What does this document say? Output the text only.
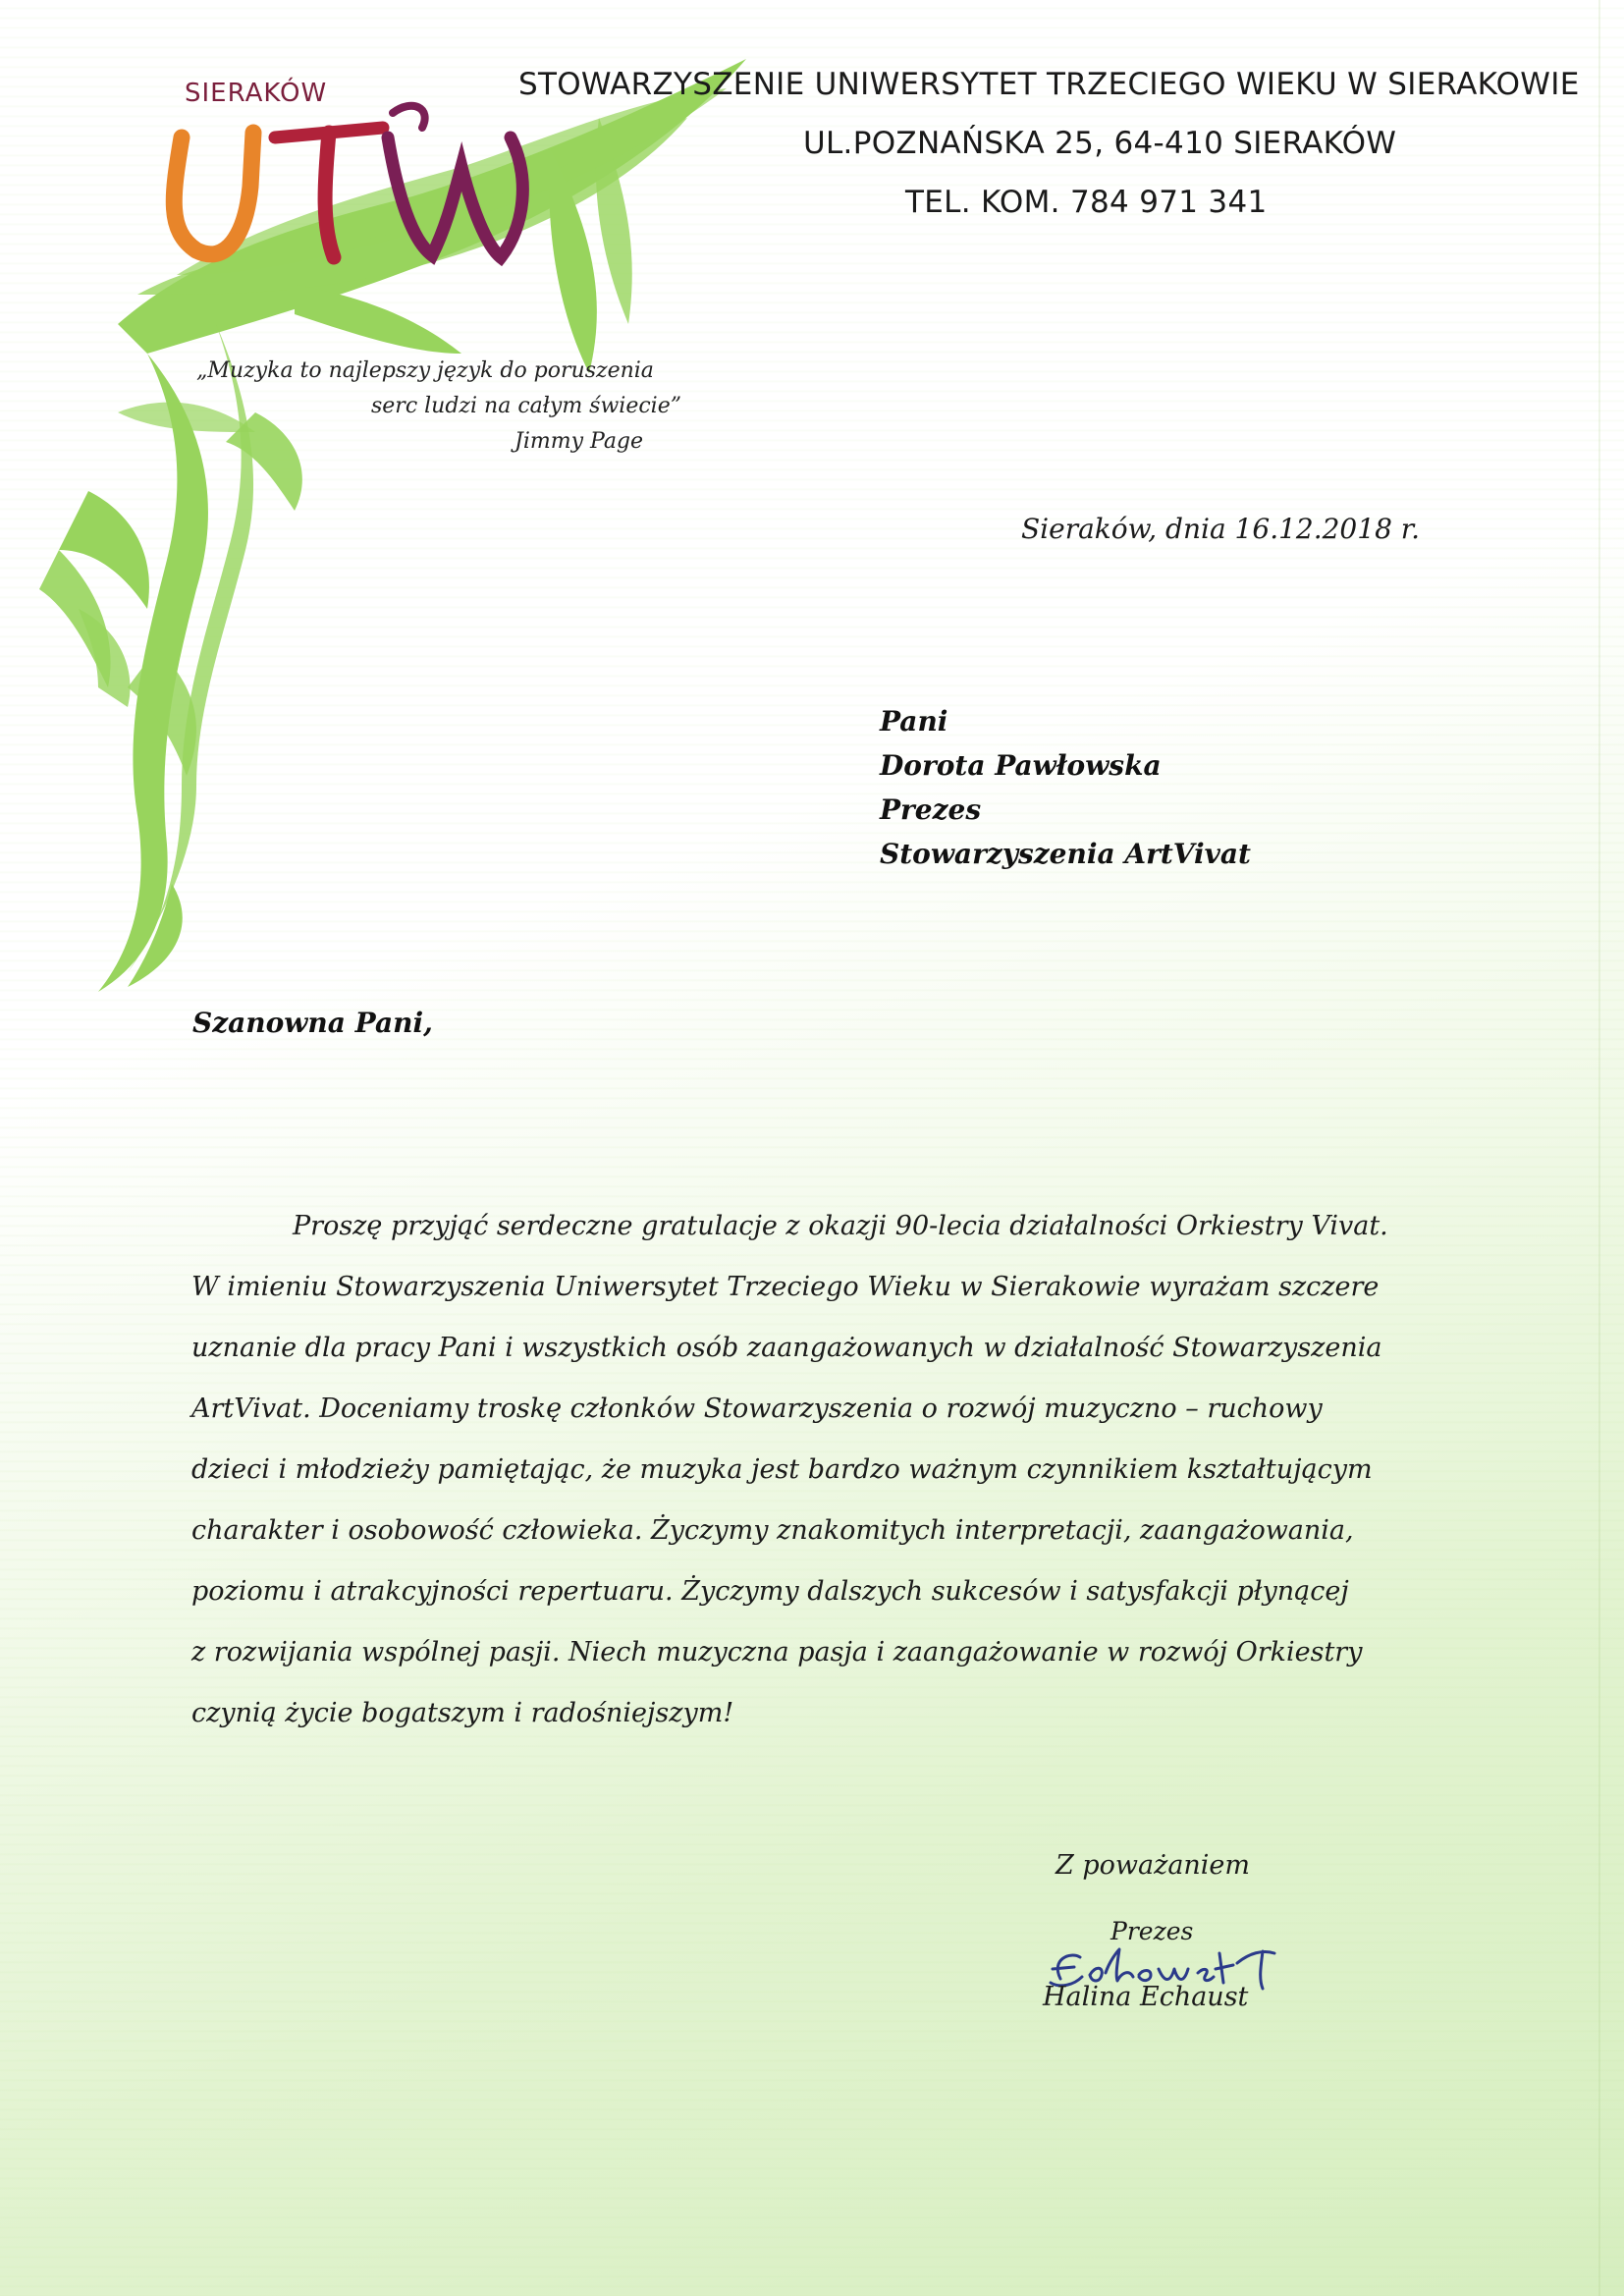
SIERAKÓW	STOWARZYSZENIE UNIWERSYTET TRZECIEGO WIEKU W SIERAKOWIE
UL.POZNAŃSKA 25, 64-410 SIERAKÓW
TEL. KOM. 784 971 341
„Muzyka to najlepszy język do poruszenia
serc ludzi na całym świecie”
Jimmy Page
Sieraków, dnia 16.12.2018 r.
Pani
Dorota Pawłowska
Prezes
Stowarzyszenia ArtVivat
Szanowna Pani,
Proszę przyjąć serdeczne gratulacje z okazji 90-lecia działalności Orkiestry Vivat.
W imieniu Stowarzyszenia Uniwersytet Trzeciego Wieku w Sierakowie wyrażam szczere
uznanie dla pracy Pani i wszystkich osób zaangażowanych w działalność Stowarzyszenia
ArtVivat. Doceniamy troskę członków Stowarzyszenia o rozwój muzyczno – ruchowy
dzieci i młodzieży pamiętając, że muzyka jest bardzo ważnym czynnikiem kształtującym
charakter i osobowość człowieka. Życzymy znakomitych interpretacji, zaangażowania,
poziomu i atrakcyjności repertuaru. Życzymy dalszych sukcesów i satysfakcji płynącej
z rozwijania wspólnej pasji. Niech muzyczna pasja i zaangażowanie w rozwój Orkiestry
czynią życie bogatszym i radośniejszym!
Z poważaniem
Prezes
Halina Echaust
